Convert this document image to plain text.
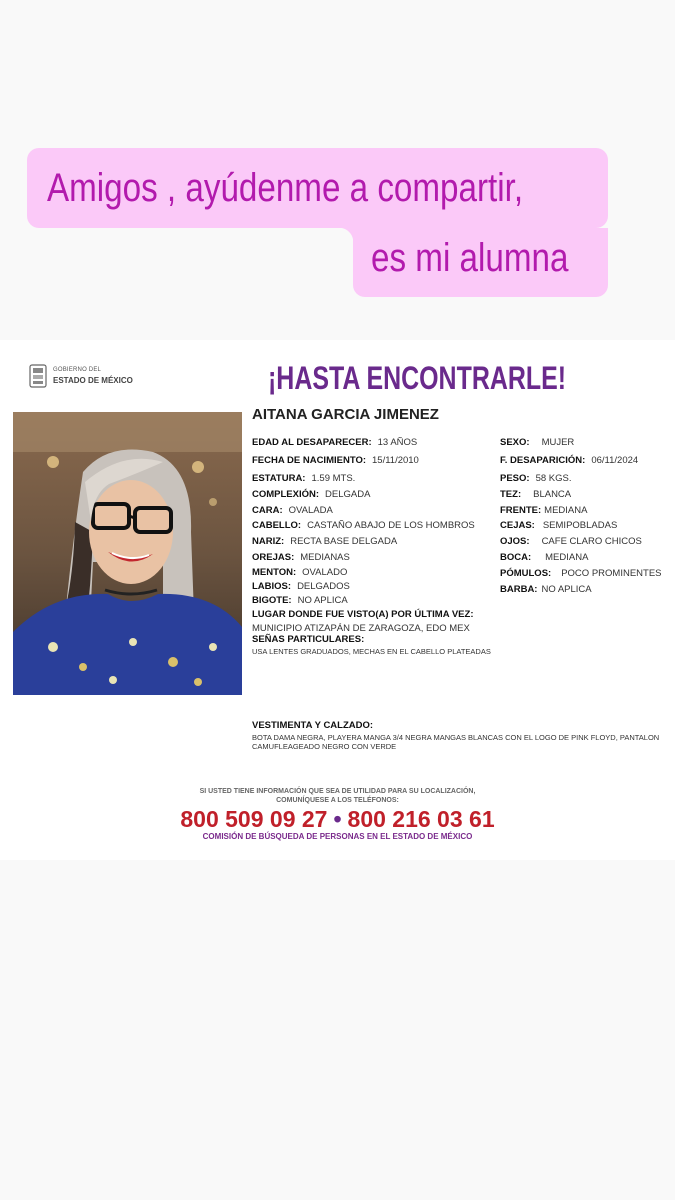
Amigos , ayúdenme a compartir,
es mi alumna
GOBIERNO DEL
ESTADO DE MÉXICO	¡HASTA ENCONTRARLE!
AITANA GARCIA JIMENEZ
EDAD AL DESAPARECER: 13 AÑOS
FECHA DE NACIMIENTO: 15/11/2010
ESTATURA: 1.59 MTS.
COMPLEXIÓN: DELGADA
CARA: OVALADA
CABELLO: CASTAÑO ABAJO DE LOS HOMBROS
NARIZ: RECTA BASE DELGADA
OREJAS: MEDIANAS
MENTON: OVALADO
LABIOS: DELGADOS
BIGOTE: NO APLICA
SEXO: MUJER
F. DESAPARICIÓN: 06/11/2024
PESO: 58 KGS.
TEZ: BLANCA
FRENTE: MEDIANA
CEJAS: SEMIPOBLADAS
OJOS: CAFE CLARO CHICOS
BOCA: MEDIANA
PÓMULOS: POCO PROMINENTES
BARBA: NO APLICA
LUGAR DONDE FUE VISTO(A) POR ÚLTIMA VEZ:
MUNICIPIO ATIZAPÁN DE ZARAGOZA, EDO MEX
SEÑAS PARTICULARES:
USA LENTES GRADUADOS, MECHAS EN EL CABELLO PLATEADAS
VESTIMENTA Y CALZADO:
BOTA DAMA NEGRA, PLAYERA MANGA 3/4 NEGRA MANGAS BLANCAS CON EL LOGO DE PINK FLOYD, PANTALON
CAMUFLEAGEADO NEGRO CON VERDE
SI USTED TIENE INFORMACIÓN QUE SEA DE UTILIDAD PARA SU LOCALIZACIÓN,
COMUNÍQUESE A LOS TELÉFONOS:
800 509 09 27 • 800 216 03 61
COMISIÓN DE BÚSQUEDA DE PERSONAS EN EL ESTADO DE MÉXICO
